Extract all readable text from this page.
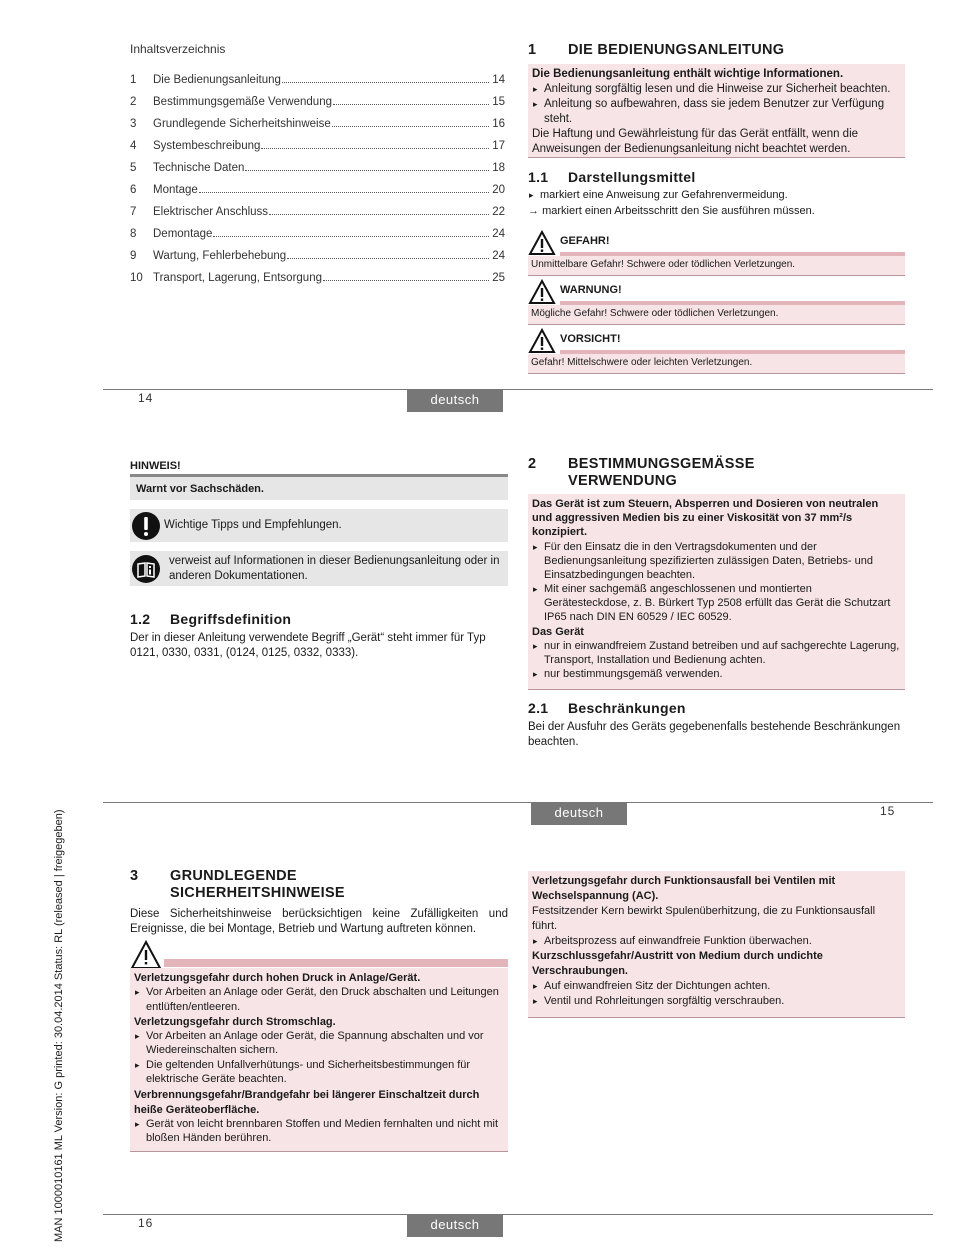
MAN 1000010161 ML Version: G printed: 30.04.2014 Status: RL (released | freigegeben)
Inhaltsverzeichnis
1	Die Bedienungsanleitung	14
2	Bestimmungsgemäße Verwendung	15
3	Grundlegende Sicherheitshinweise	16
4	Systembeschreibung	17
5	Technische Daten	18
6	Montage	20
7	Elektrischer Anschluss	22
8	Demontage	24
9	Wartung, Fehlerbehebung	24
10 Transport, Lagerung, Entsorgung	25
1 DIE BEDIENUNGSANLEITUNG

Die Bedienungsanleitung enthält wichtige Informationen.

▸ Anleitung sorgfältig lesen und die Hinweise zur Sicherheit beachten.

▸ Anleitung so aufbewahren, dass sie jedem Benutzer zur Verfügung steht.

Die Haftung und Gewährleistung für das Gerät entfällt, wenn die Anweisungen der Bedienungsanleitung nicht beachtet werden.

1.1 Darstellungsmittel
▸ markiert eine Anweisung zur Gefahrenvermeidung.
→ markiert einen Arbeitsschritt den Sie ausführen müssen.
GEFAHR!
Unmittelbare Gefahr! Schwere oder tödlichen Verletzungen.
WARNUNG!
Mögliche Gefahr! Schwere oder tödlichen Verletzungen.
VORSICHT!
Gefahr! Mittelschwere oder leichten Verletzungen.
14	deutsch
HINWEIS!
Warnt vor Sachschäden.
Wichtige Tipps und Empfehlungen.
verweist auf Informationen in dieser Bedienungsanleitung oder in anderen Dokumentationen.
1.2 Begriffsdefinition
Der in dieser Anleitung verwendete Begriff „Gerät“ steht immer für Typ 0121, 0330, 0331, (0124, 0125, 0332, 0333).
2 BESTIMMUNGSGEMÄSSE
VERWENDUNG

Das Gerät ist zum Steuern, Absperren und Dosieren von neutralen und aggressiven Medien bis zu einer Viskosität von 37 mm²/s konzipiert.

▸ Für den Einsatz die in den Vertragsdokumenten und der Bedienungsanleitung spezifizierten zulässigen Daten, Betriebs- und Einsatzbedingungen beachten.

▸ Mit einer sachgemäß angeschlossenen und montierten Gerätesteckdose, z. B. Bürkert Typ 2508 erfüllt das Gerät die Schutzart IP65 nach DIN EN 60529 / IEC 60529.

Das Gerät

▸ nur in einwandfreiem Zustand betreiben und auf sachgerechte Lagerung, Transport, Installation und Bedienung achten.

▸ nur bestimmungsgemäß verwenden.

2.1 Beschränkungen
Bei der Ausfuhr des Geräts gegebenenfalls bestehende Beschränkungen beachten.
deutsch	15
3 GRUNDLEGENDE
SICHERHEITSHINWEISE
Diese Sicherheitshinweise berücksichtigen keine Zufälligkeiten und Ereignisse, die bei Montage, Betrieb und Wartung auftreten können.

Verletzungsgefahr durch hohen Druck in Anlage/Gerät.

▸ Vor Arbeiten an Anlage oder Gerät, den Druck abschalten und Leitungen entlüften/entleeren.

Verletzungsgefahr durch Stromschlag.

▸ Vor Arbeiten an Anlage oder Gerät, die Spannung abschalten und vor Wiedereinschalten sichern.

▸ Die geltenden Unfallverhütungs- und Sicherheitsbestimmungen für elektrische Geräte beachten.

Verbrennungsgefahr/Brandgefahr bei längerer Einschaltzeit durch heiße Geräteoberfläche.

▸ Gerät von leicht brennbaren Stoffen und Medien fernhalten und nicht mit bloßen Händen berühren.

Verletzungsgefahr durch Funktionsausfall bei Ventilen mit Wechselspannung (AC).

Festsitzender Kern bewirkt Spulenüberhitzung, die zu Funktionsausfall führt.

▸ Arbeitsprozess auf einwandfreie Funktion überwachen.

Kurzschlussgefahr/Austritt von Medium durch undichte Verschraubungen.

▸ Auf einwandfreien Sitz der Dichtungen achten.

▸ Ventil und Rohrleitungen sorgfältig verschrauben.

16	deutsch
